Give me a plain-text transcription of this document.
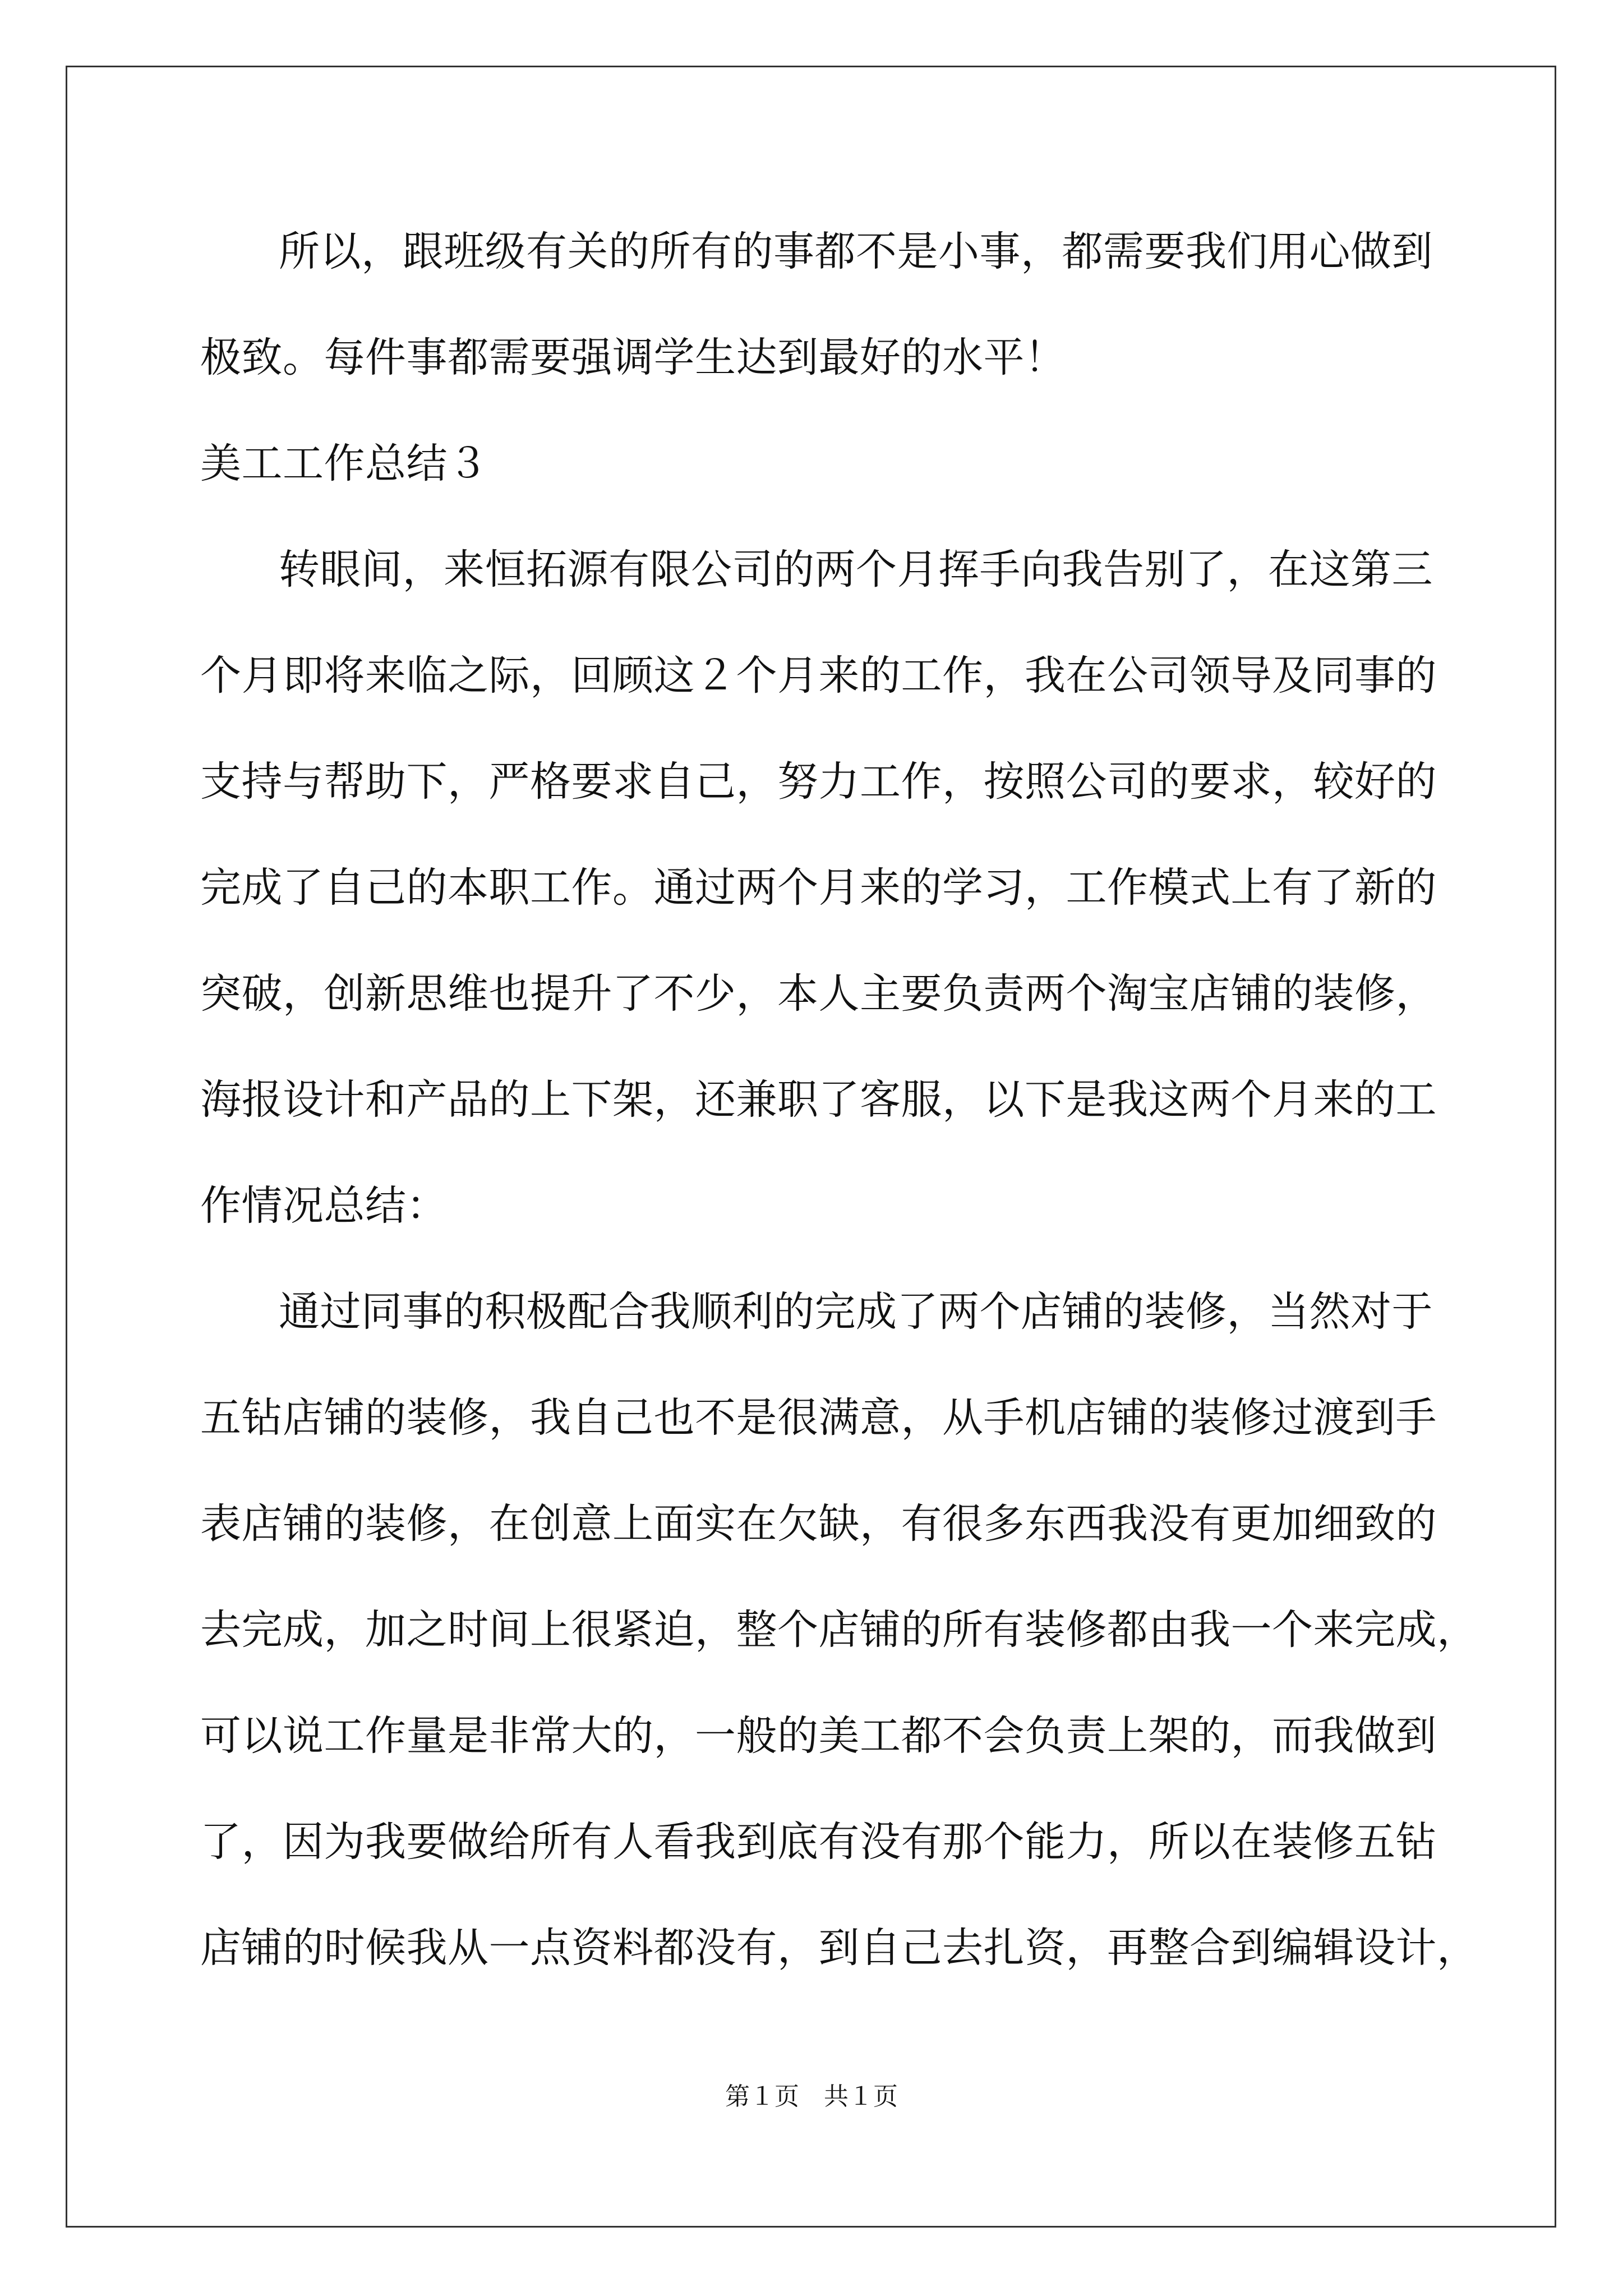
所以，跟班级有关的所有的事都不是小事，都需要我们用心做到
极致。每件事都需要强调学生达到最好的水平！
美工工作总结３
转眼间，来恒拓源有限公司的两个月挥手向我告别了，在这第三
个月即将来临之际，回顾这２个月来的工作，我在公司领导及同事的
支持与帮助下，严格要求自己，努力工作，按照公司的要求，较好的
完成了自己的本职工作。通过两个月来的学习，工作模式上有了新的
突破，创新思维也提升了不少，本人主要负责两个淘宝店铺的装修，
海报设计和产品的上下架，还兼职了客服，以下是我这两个月来的工
作情况总结：
通过同事的积极配合我顺利的完成了两个店铺的装修，当然对于
五钻店铺的装修，我自己也不是很满意，从手机店铺的装修过渡到手
表店铺的装修，在创意上面实在欠缺，有很多东西我没有更加细致的
去完成，加之时间上很紧迫，整个店铺的所有装修都由我一个来完成，
可以说工作量是非常大的，一般的美工都不会负责上架的，而我做到
了，因为我要做给所有人看我到底有没有那个能力，所以在装修五钻
店铺的时候我从一点资料都没有，到自己去扎资，再整合到编辑设计，
第１页　共１页
